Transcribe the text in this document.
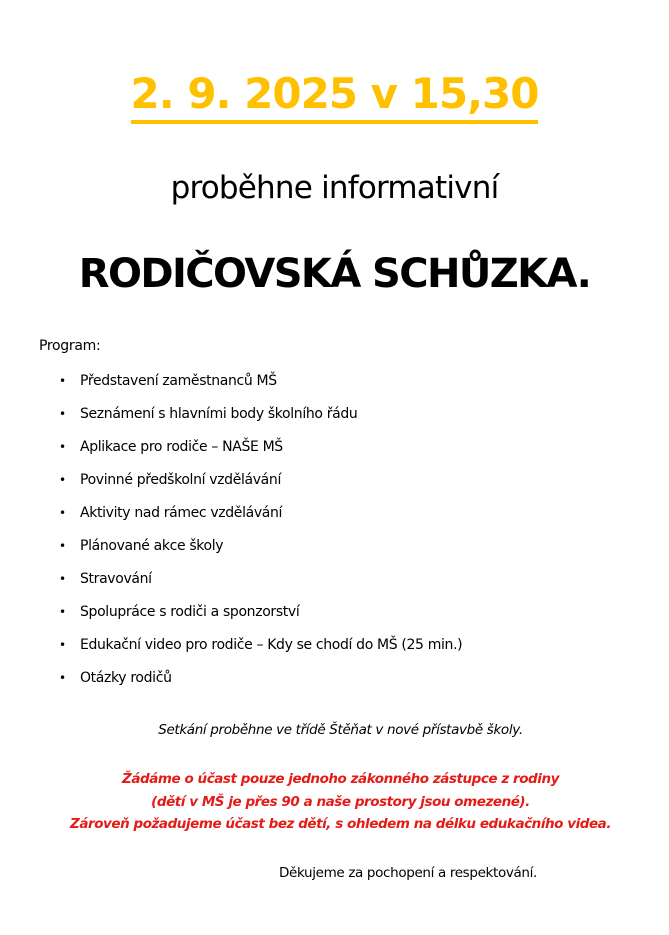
2. 9. 2025 v 15,30
proběhne informativní
RODIČOVSKÁ SCHŮZKA.
Program:
• Představení zaměstnanců MŠ
• Seznámení s hlavními body školního řádu
• Aplikace pro rodiče – NAŠE MŠ
• Povinné předškolní vzdělávání
• Aktivity nad rámec vzdělávání
• Plánované akce školy
• Stravování
• Spolupráce s rodiči a sponzorství
• Edukační video pro rodiče – Kdy se chodí do MŠ (25 min.)
• Otázky rodičů
Setkání proběhne ve třídě Štěňat v nové přístavbě školy.
Žádáme o účast pouze jednoho zákonného zástupce z rodiny
(dětí v MŠ je přes 90 a naše prostory jsou omezené).
Zároveň požadujeme účast bez dětí, s ohledem na délku edukačního videa.
Děkujeme za pochopení a respektování.
